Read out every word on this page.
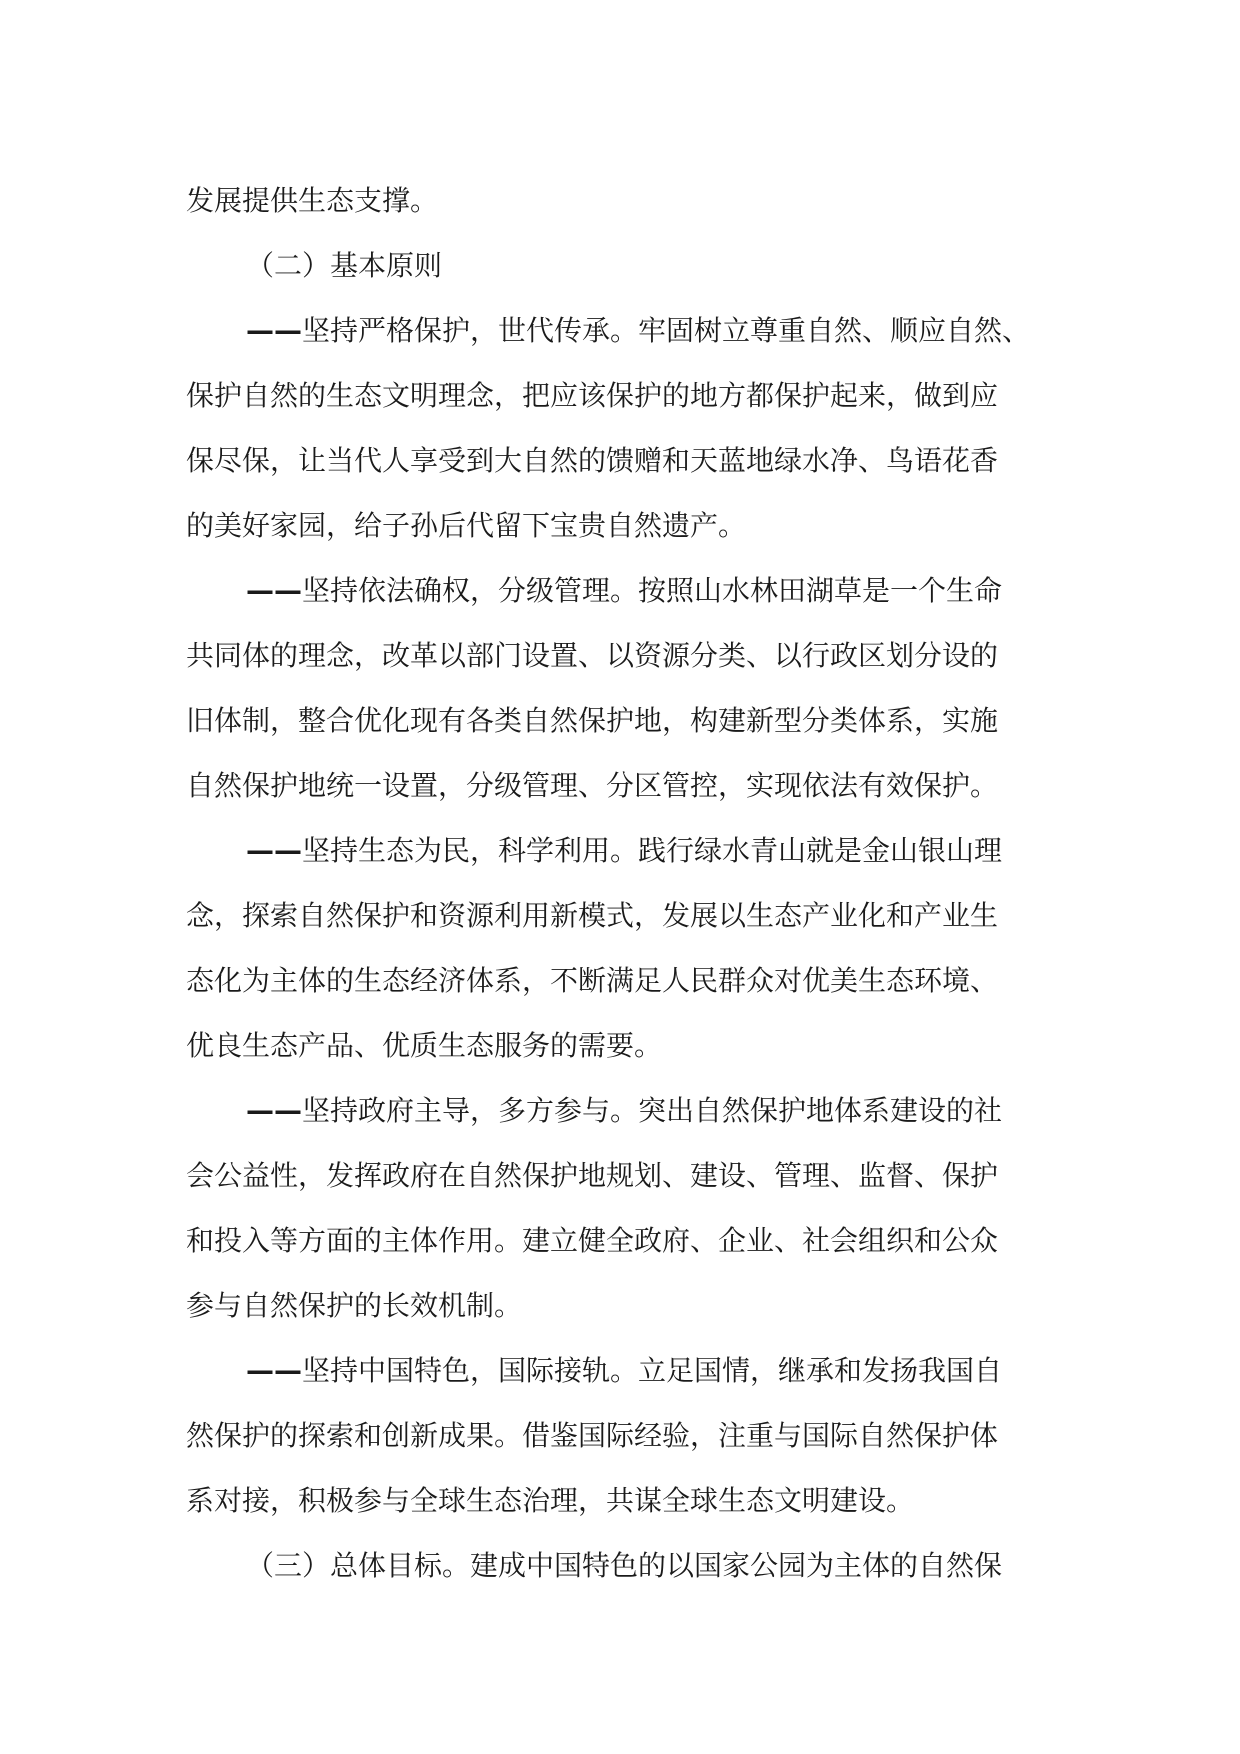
发展提供生态支撑。
（二）基本原则
——坚持严格保护，世代传承。牢固树立尊重自然、顺应自然、
保护自然的生态文明理念，把应该保护的地方都保护起来，做到应
保尽保，让当代人享受到大自然的馈赠和天蓝地绿水净、鸟语花香
的美好家园，给子孙后代留下宝贵自然遗产。
——坚持依法确权，分级管理。按照山水林田湖草是一个生命
共同体的理念，改革以部门设置、以资源分类、以行政区划分设的
旧体制，整合优化现有各类自然保护地，构建新型分类体系，实施
自然保护地统一设置，分级管理、分区管控，实现依法有效保护。
——坚持生态为民，科学利用。践行绿水青山就是金山银山理
念，探索自然保护和资源利用新模式，发展以生态产业化和产业生
态化为主体的生态经济体系，不断满足人民群众对优美生态环境、
优良生态产品、优质生态服务的需要。
——坚持政府主导，多方参与。突出自然保护地体系建设的社
会公益性，发挥政府在自然保护地规划、建设、管理、监督、保护
和投入等方面的主体作用。建立健全政府、企业、社会组织和公众
参与自然保护的长效机制。
——坚持中国特色，国际接轨。立足国情，继承和发扬我国自
然保护的探索和创新成果。借鉴国际经验，注重与国际自然保护体
系对接，积极参与全球生态治理，共谋全球生态文明建设。
（三）总体目标。建成中国特色的以国家公园为主体的自然保
